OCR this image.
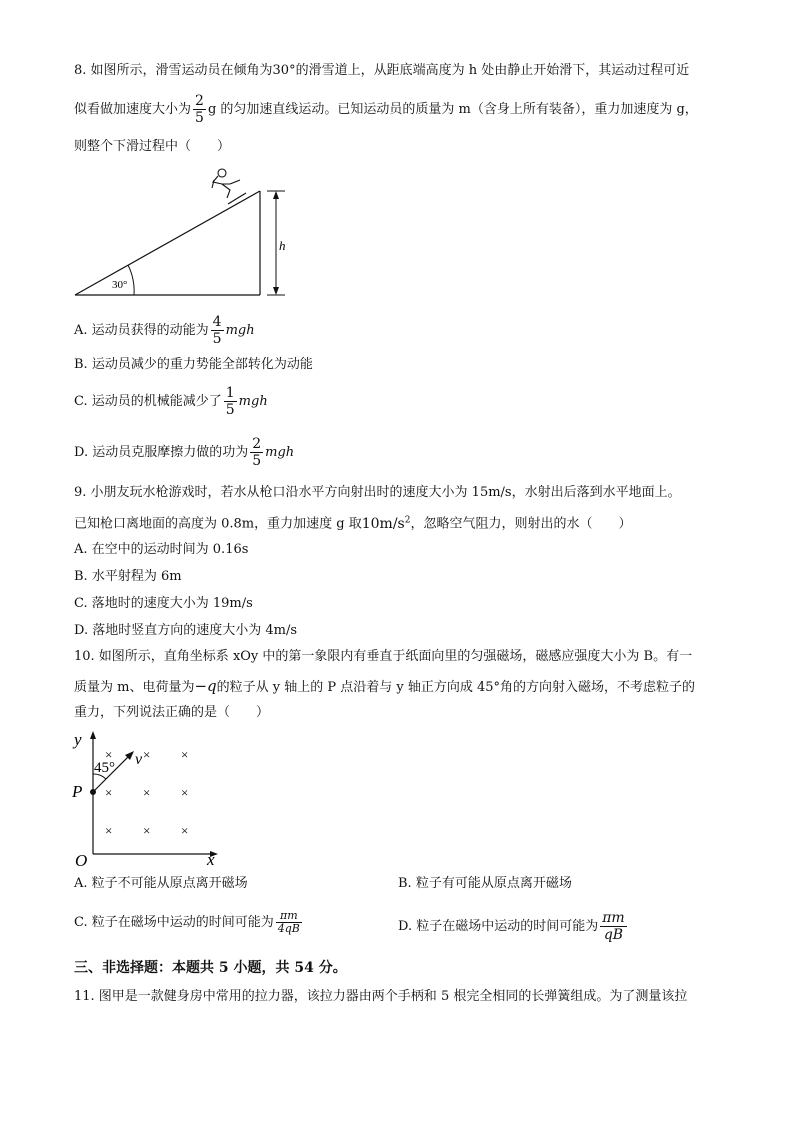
8. 如图所示，滑雪运动员在倾角为30°的滑雪道上，从距底端高度为 h 处由静止开始滑下，其运动过程可近
似看做加速度大小为 $\frac{2}{5}$ g 的匀加速直线运动。已知运动员的质量为 m（含身上所有装备），重力加速度为 g，
则整个下滑过程中（　　）
30°
h
A. 运动员获得的动能为 $\frac{4}{5}$ mgh
B. 运动员减少的重力势能全部转化为动能
C. 运动员的机械能减少了 $\frac{1}{5}$ mgh
D. 运动员克服摩擦力做的功为 $\frac{2}{5}$ mgh
9. 小朋友玩水枪游戏时，若水从枪口沿水平方向射出时的速度大小为 15m/s，水射出后落到水平地面上。
已知枪口离地面的高度为 0.8m，重力加速度 g 取$10m/s^2$，忽略空气阻力，则射出的水（　　）
A. 在空中的运动时间为 0.16s
B. 水平射程为 6m
C. 落地时的速度大小为 19m/s
D. 落地时竖直方向的速度大小为 4m/s
10. 如图所示，直角坐标系 xOy 中的第一象限内有垂直于纸面向里的匀强磁场，磁感应强度大小为 B。有一
质量为 m、电荷量为−q的粒子从 y 轴上的 P 点沿着与 y 轴正方向成 45°角的方向射入磁场，不考虑粒子的
重力，下列说法正确的是（　　）
y
x
O
P
45° v
× × ×
× × ×
× × ×
A. 粒子不可能从原点离开磁场	B. 粒子有可能从原点离开磁场
C. 粒子在磁场中运动的时间可能为 $\frac{\pi m}{4qB}$	D. 粒子在磁场中运动的时间可能为 $\frac{\pi m}{qB}$
三、非选择题：本题共 5 小题，共 54 分。
11. 图甲是一款健身房中常用的拉力器，该拉力器由两个手柄和 5 根完全相同的长弹簧组成。为了测量该拉
